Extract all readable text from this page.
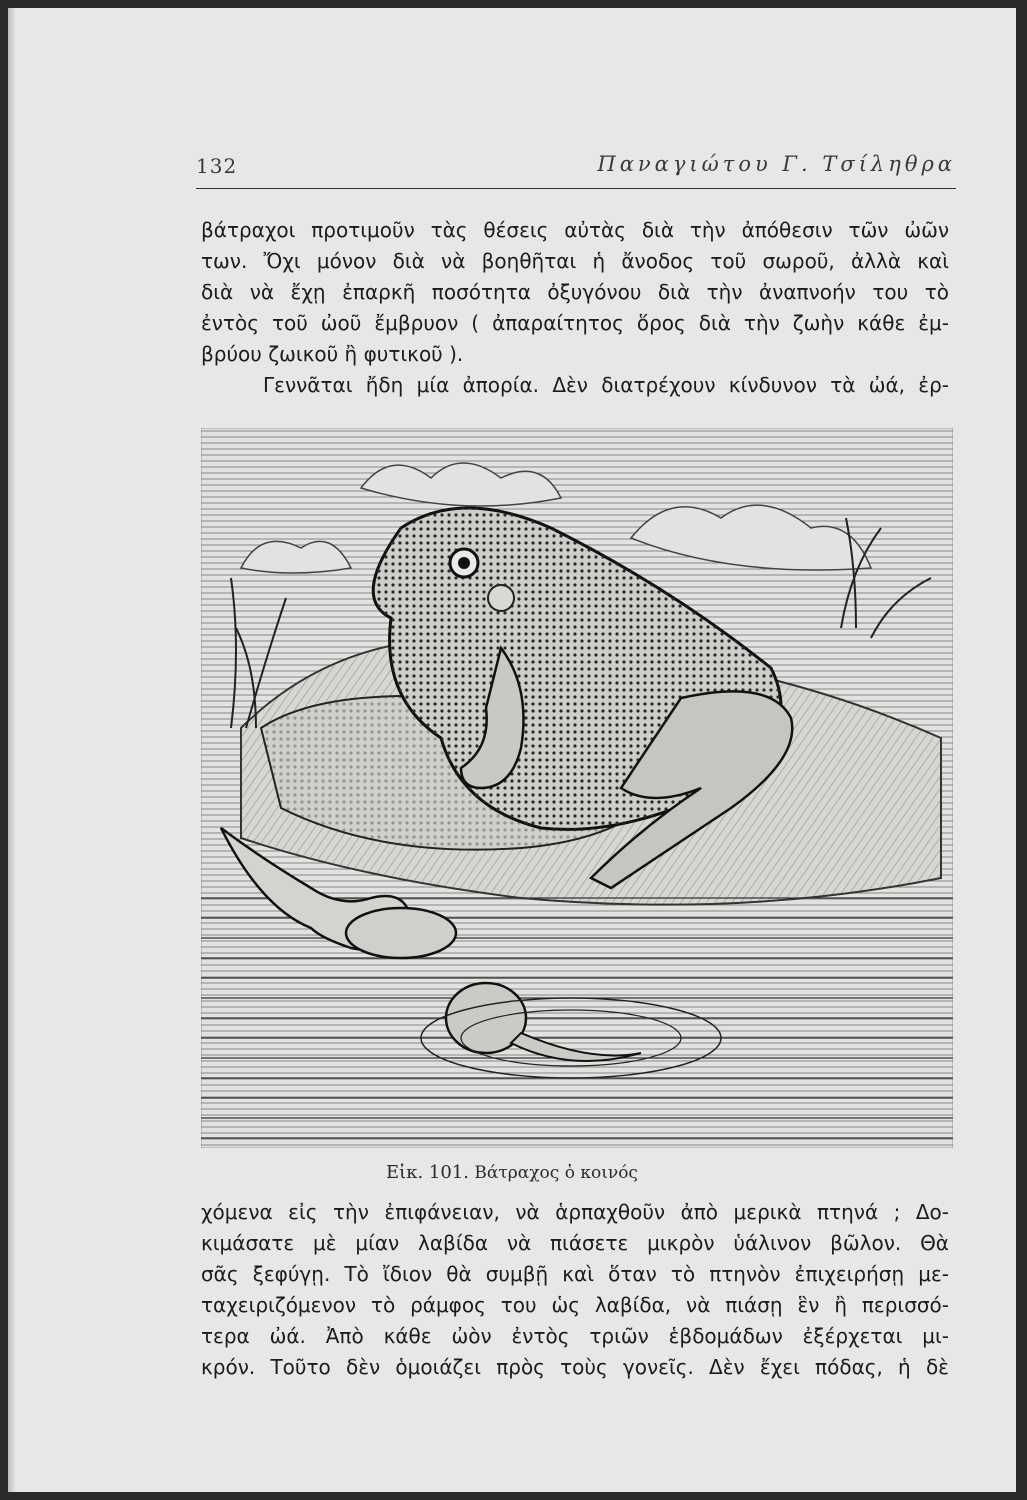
132	Παναγιώτου Γ. Τσίληθρα
βάτραχοι προτιμοῦν τὰς θέσεις αὐτὰς διὰ τὴν ἀπόθεσιν τῶν ὠῶν
των. Ὄχι μόνον διὰ νὰ βοηθῆται ἡ ἄνοδος τοῦ σωροῦ, ἀλλὰ καὶ
διὰ νὰ ἔχῃ ἐπαρκῆ ποσότητα ὀξυγόνου διὰ τὴν ἀναπνοήν του τὸ
ἐντὸς τοῦ ὠοῦ ἔμβρυον ( ἀπαραίτητος ὅρος διὰ τὴν ζωὴν κάθε ἐμ-
βρύου ζωικοῦ ἢ φυτικοῦ ).
Γεννᾶται ἤδη μία ἀπορία. Δὲν διατρέχουν κίνδυνον τὰ ὠά, ἐρ-
Εἰκ. 101. Βάτραχος ὁ κοινός
χόμενα εἰς τὴν ἐπιφάνειαν, νὰ ἁρπαχθοῦν ἀπὸ μερικὰ πτηνά ; Δο-
κιμάσατε μὲ μίαν λαβίδα νὰ πιάσετε μικρὸν ὑάλινον βῶλον. Θὰ
σᾶς ξεφύγῃ. Τὸ ἴδιον θὰ συμβῇ καὶ ὅταν τὸ πτηνὸν ἐπιχειρήσῃ με-
ταχειριζόμενον τὸ ράμφος του ὡς λαβίδα, νὰ πιάσῃ ἓν ἢ περισσό-
τερα ὠά. Ἀπὸ κάθε ὠὸν ἐντὸς τριῶν ἑβδομάδων ἐξέρχεται μι-
κρόν. Τοῦτο δὲν ὁμοιάζει πρὸς τοὺς γονεῖς. Δὲν ἔχει πόδας, ἡ δὲ
